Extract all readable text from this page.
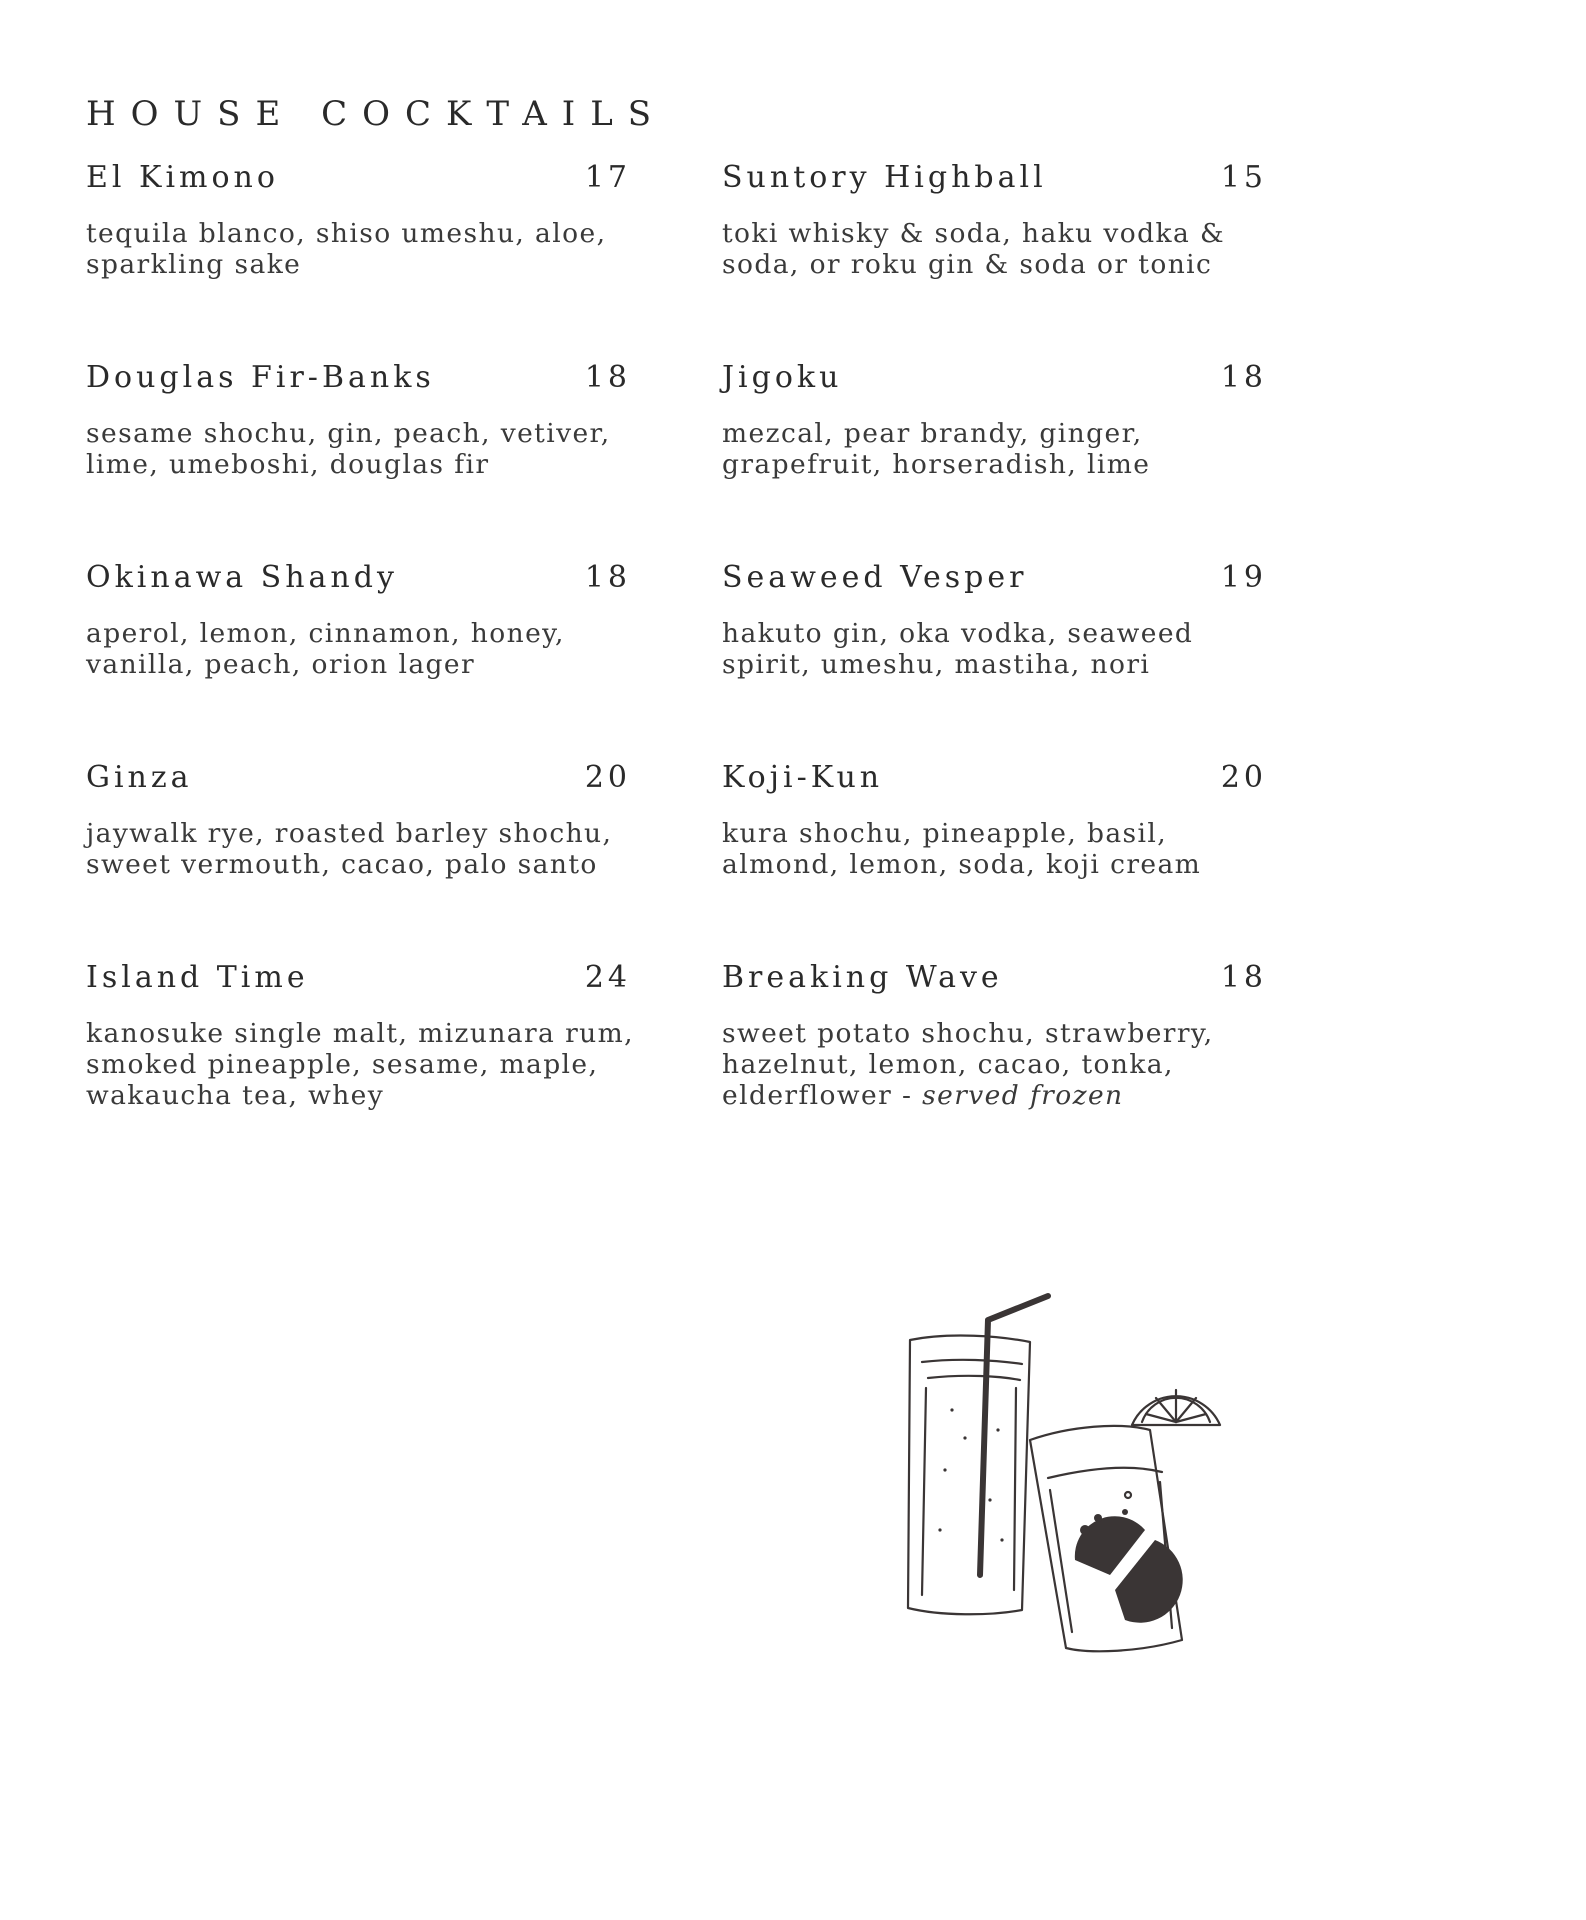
HOUSE COCKTAILS
El Kimono	17
tequila blanco, shiso umeshu, aloe,
sparkling sake
Douglas Fir-Banks	18
sesame shochu, gin, peach, vetiver,
lime, umeboshi, douglas fir
Okinawa Shandy	18
aperol, lemon, cinnamon, honey,
vanilla, peach, orion lager
Ginza	20
jaywalk rye, roasted barley shochu,
sweet vermouth, cacao, palo santo
Island Time	24
kanosuke single malt, mizunara rum,
smoked pineapple, sesame, maple,
wakaucha tea, whey
Suntory Highball	15
toki whisky & soda, haku vodka &
soda, or roku gin & soda or tonic
Jigoku	18
mezcal, pear brandy, ginger,
grapefruit, horseradish, lime
Seaweed Vesper	19
hakuto gin, oka vodka, seaweed
spirit, umeshu, mastiha, nori
Koji-Kun	20
kura shochu, pineapple, basil,
almond, lemon, soda, koji cream
Breaking Wave	18
sweet potato shochu, strawberry,
hazelnut, lemon, cacao, tonka,
elderflower - served frozen
